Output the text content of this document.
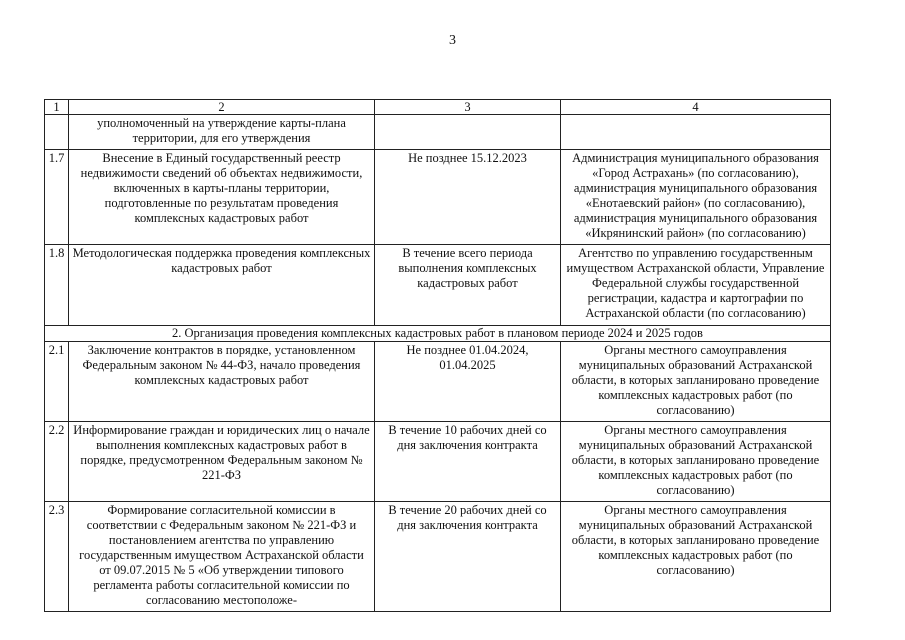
3
1	2	3	4
	уполномоченный на утверждение карты-плана территории, для его утверждения		
1.7	Внесение в Единый государственный реестр недвижимости сведений об объектах недвижимости, включенных в карты-планы территории, подготовленные по результатам проведения комплексных кадастровых работ	Не позднее 15.12.2023	Администрация муниципального образования «Город Астрахань» (по согласованию), администрация муниципального образования «Енотаевский район» (по согласованию), администрация муниципального образования «Икрянинский район» (по согласованию)
1.8	Методологическая поддержка проведения комплексных кадастровых работ	В течение всего периода выполнения комплексных кадастровых работ	Агентство по управлению государственным имуществом Астраханской области, Управление Федеральной службы государственной регистрации, кадастра и картографии по Астраханской области (по согласованию)
2. Организация проведения комплексных кадастровых работ в плановом периоде 2024 и 2025 годов			
2.1	Заключение контрактов в порядке, установленном Федеральным законом № 44-ФЗ, начало проведения комплексных кадастровых работ	Не позднее 01.04.2024, 01.04.2025	Органы местного самоуправления муниципальных образований Астраханской области, в которых запланировано проведение комплексных кадастровых работ (по согласованию)
2.2	Информирование граждан и юридических лиц о начале выполнения комплексных кадастровых работ в порядке, предусмотренном Федеральным законом № 221-ФЗ	В течение 10 рабочих дней со дня заключения контракта	Органы местного самоуправления муниципальных образований Астраханской области, в которых запланировано проведение комплексных кадастровых работ (по согласованию)
2.3	Формирование согласительной комиссии в соответствии с Федеральным законом № 221-ФЗ и постановлением агентства по управлению государственным имуществом Астраханской области от 09.07.2015 № 5 «Об утверждении типового регламента работы согласительной комиссии по согласованию местоположе-	В течение 20 рабочих дней со дня заключения контракта	Органы местного самоуправления муниципальных образований Астраханской области, в которых запланировано проведение комплексных кадастровых работ (по согласованию)
